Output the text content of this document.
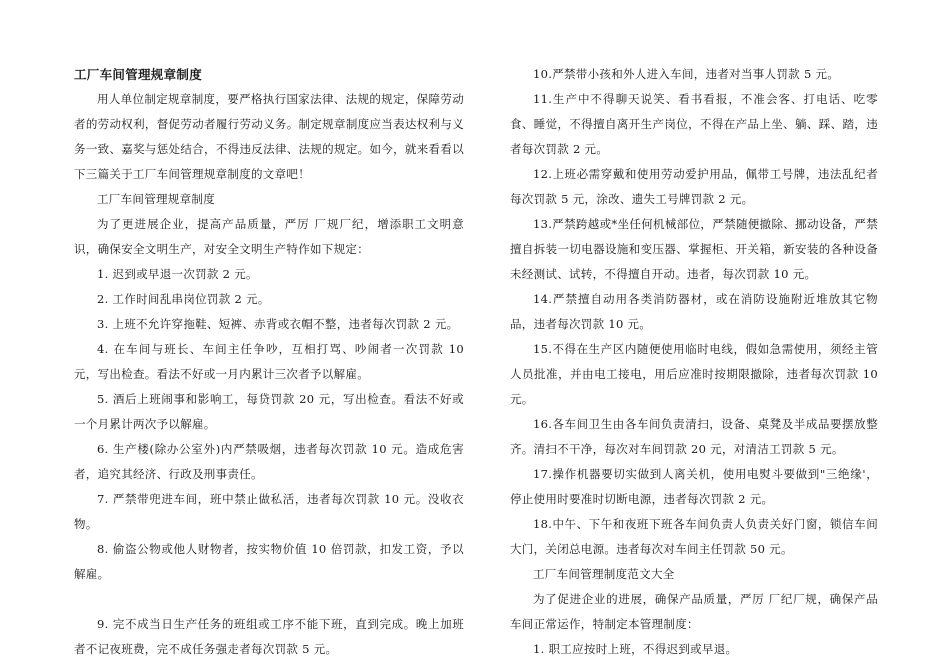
工厂车间管理规章制度

用人单位制定规章制度，要严格执行国家法律、法规的规定，保障劳动者的劳动权利，督促劳动者履行劳动义务。制定规章制度应当表达权利与义务一致、嘉奖与惩处结合，不得违反法律、法规的规定。如今，就来看看以下三篇关于工厂车间管理规章制度的文章吧！

工厂车间管理规章制度

为了更进展企业，提高产品质量，严厉 厂规厂纪，增添职工文明意识，确保安全文明生产，对安全文明生产特作如下规定：

1. 迟到或早退一次罚款 2 元。

2. 工作时间乱串岗位罚款 2 元。

3. 上班不允许穿拖鞋、短裤、赤背或衣帽不整，违者每次罚款 2 元。

4. 在车间与班长、车间主任争吵，互相打骂、吵闹者一次罚款 10 元，写出检查。看法不好或一月内累计三次者予以解雇。

5. 酒后上班闹事和影响工，每贷罚款 20 元，写出检查。看法不好或一个月累计两次予以解雇。

6. 生产楼(除办公室外)内严禁吸烟，违者每次罚款 10 元。造成危害者，追究其经济、行政及刑事责任。

7. 严禁带兜进车间，班中禁止做私活，违者每次罚款 10 元。没收衣物。

8. 偷盗公物或他人财物者，按实物价值 10 倍罚款，扣发工资，予以解雇。

9. 完不成当日生产任务的班组或工序不能下班，直到完成。晚上加班者不记夜班费，完不成任务强走者每次罚款 5 元。

10.严禁带小孩和外人进入车间，违者对当事人罚款 5 元。

11.生产中不得聊天说笑、看书看报，不准会客、打电话、吃零食、睡觉，不得擅自离开生产岗位，不得在产品上坐、躺、踩、踏，违者每次罚款 2 元。

12.上班必需穿戴和使用劳动爱护用品，佩带工号牌，违法乱纪者每次罚款 5 元，涂改、遗失工号牌罚款 2 元。

13.严禁跨越或*坐任何机械部位，严禁随便撤除、挪动设备，严禁擅自拆装一切电器设施和变压器、掌握柜、开关箱，新安装的各种设备未经测试、试转，不得擅自开动。违者，每次罚款 10 元。

14.严禁擅自动用各类消防器材，或在消防设施附近堆放其它物品，违者每次罚款 10 元。

15.不得在生产区内随便使用临时电线，假如急需使用，须经主管人员批准，并由电工接电，用后应准时按期限撤除，违者每次罚款 10 元。

16.各车间卫生由各车间负责清扫，设备、桌凳及半成品要摆放整齐。清扫不干净，每次对车间罚款 20 元，对清洁工罚款 5 元。

17.操作机器要切实做到人离关机，使用电熨斗要做到"三绝缘'，停止使用时要准时切断电源，违者每次罚款 2 元。

18.中午、下午和夜班下班各车间负责人负责关好门窗，锁信车间大门，关闭总电源。违者每次对车间主任罚款 50 元。

工厂车间管理制度范文大全

为了促进企业的进展，确保产品质量，严厉 厂纪厂规，确保产品车间正常运作，特制定本管理制度：

1. 职工应按时上班，不得迟到或早退。
